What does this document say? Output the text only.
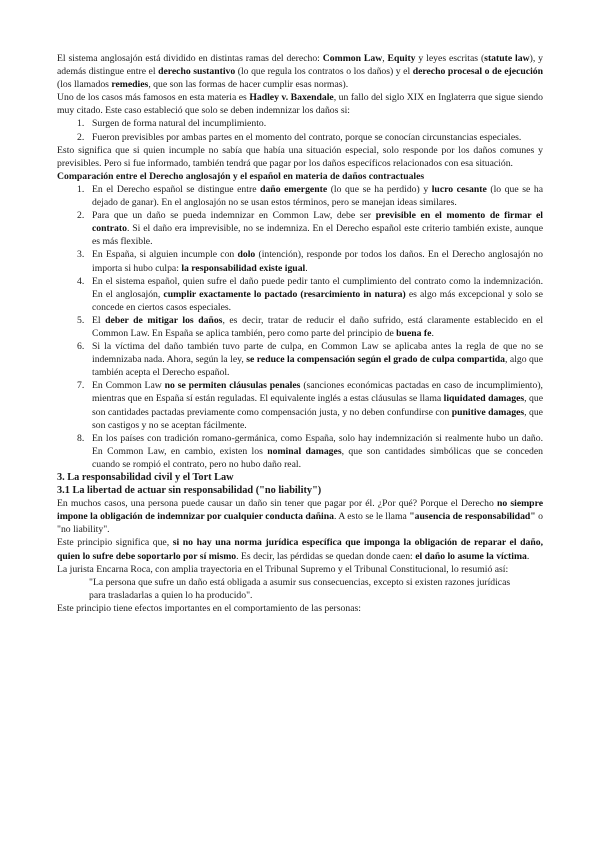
El sistema anglosajón está dividido en distintas ramas del derecho: Common Law, Equity y leyes escritas (statute law), y además distingue entre el derecho sustantivo (lo que regula los contratos o los daños) y el derecho procesal o de ejecución (los llamados remedies, que son las formas de hacer cumplir esas normas).

Uno de los casos más famosos en esta materia es Hadley v. Baxendale, un fallo del siglo XIX en Inglaterra que sigue siendo muy citado. Este caso estableció que solo se deben indemnizar los daños si:

1. Surgen de forma natural del incumplimiento.
2. Fueron previsibles por ambas partes en el momento del contrato, porque se conocían circunstancias especiales.

Esto significa que si quien incumple no sabía que había una situación especial, solo responde por los daños comunes y previsibles. Pero si fue informado, también tendrá que pagar por los daños específicos relacionados con esa situación.

Comparación entre el Derecho anglosajón y el español en materia de daños contractuales

1. En el Derecho español se distingue entre daño emergente (lo que se ha perdido) y lucro cesante (lo que se ha dejado de ganar). En el anglosajón no se usan estos términos, pero se manejan ideas similares.
2. Para que un daño se pueda indemnizar en Common Law, debe ser previsible en el momento de firmar el contrato. Si el daño era imprevisible, no se indemniza. En el Derecho español este criterio también existe, aunque es más flexible.
3. En España, si alguien incumple con dolo (intención), responde por todos los daños. En el Derecho anglosajón no importa si hubo culpa: la responsabilidad existe igual.
4. En el sistema español, quien sufre el daño puede pedir tanto el cumplimiento del contrato como la indemnización. En el anglosajón, cumplir exactamente lo pactado (resarcimiento in natura) es algo más excepcional y solo se concede en ciertos casos especiales.
5. El deber de mitigar los daños, es decir, tratar de reducir el daño sufrido, está claramente establecido en el Common Law. En España se aplica también, pero como parte del principio de buena fe.
6. Si la víctima del daño también tuvo parte de culpa, en Common Law se aplicaba antes la regla de que no se indemnizaba nada. Ahora, según la ley, se reduce la compensación según el grado de culpa compartida, algo que también acepta el Derecho español.
7. En Common Law no se permiten cláusulas penales (sanciones económicas pactadas en caso de incumplimiento), mientras que en España sí están reguladas. El equivalente inglés a estas cláusulas se llama liquidated damages, que son cantidades pactadas previamente como compensación justa, y no deben confundirse con punitive damages, que son castigos y no se aceptan fácilmente.
8. En los países con tradición romano-germánica, como España, solo hay indemnización si realmente hubo un daño. En Common Law, en cambio, existen los nominal damages, que son cantidades simbólicas que se conceden cuando se rompió el contrato, pero no hubo daño real.

3. La responsabilidad civil y el Tort Law

3.1 La libertad de actuar sin responsabilidad ("no liability")

En muchos casos, una persona puede causar un daño sin tener que pagar por él. ¿Por qué? Porque el Derecho no siempre impone la obligación de indemnizar por cualquier conducta dañina. A esto se le llama "ausencia de responsabilidad" o "no liability".

Este principio significa que, si no hay una norma jurídica específica que imponga la obligación de reparar el daño, quien lo sufre debe soportarlo por sí mismo. Es decir, las pérdidas se quedan donde caen: el daño lo asume la víctima.

La jurista Encarna Roca, con amplia trayectoria en el Tribunal Supremo y el Tribunal Constitucional, lo resumió así:

"La persona que sufre un daño está obligada a asumir sus consecuencias, excepto si existen razones jurídicas para trasladarlas a quien lo ha producido".

Este principio tiene efectos importantes en el comportamiento de las personas:
